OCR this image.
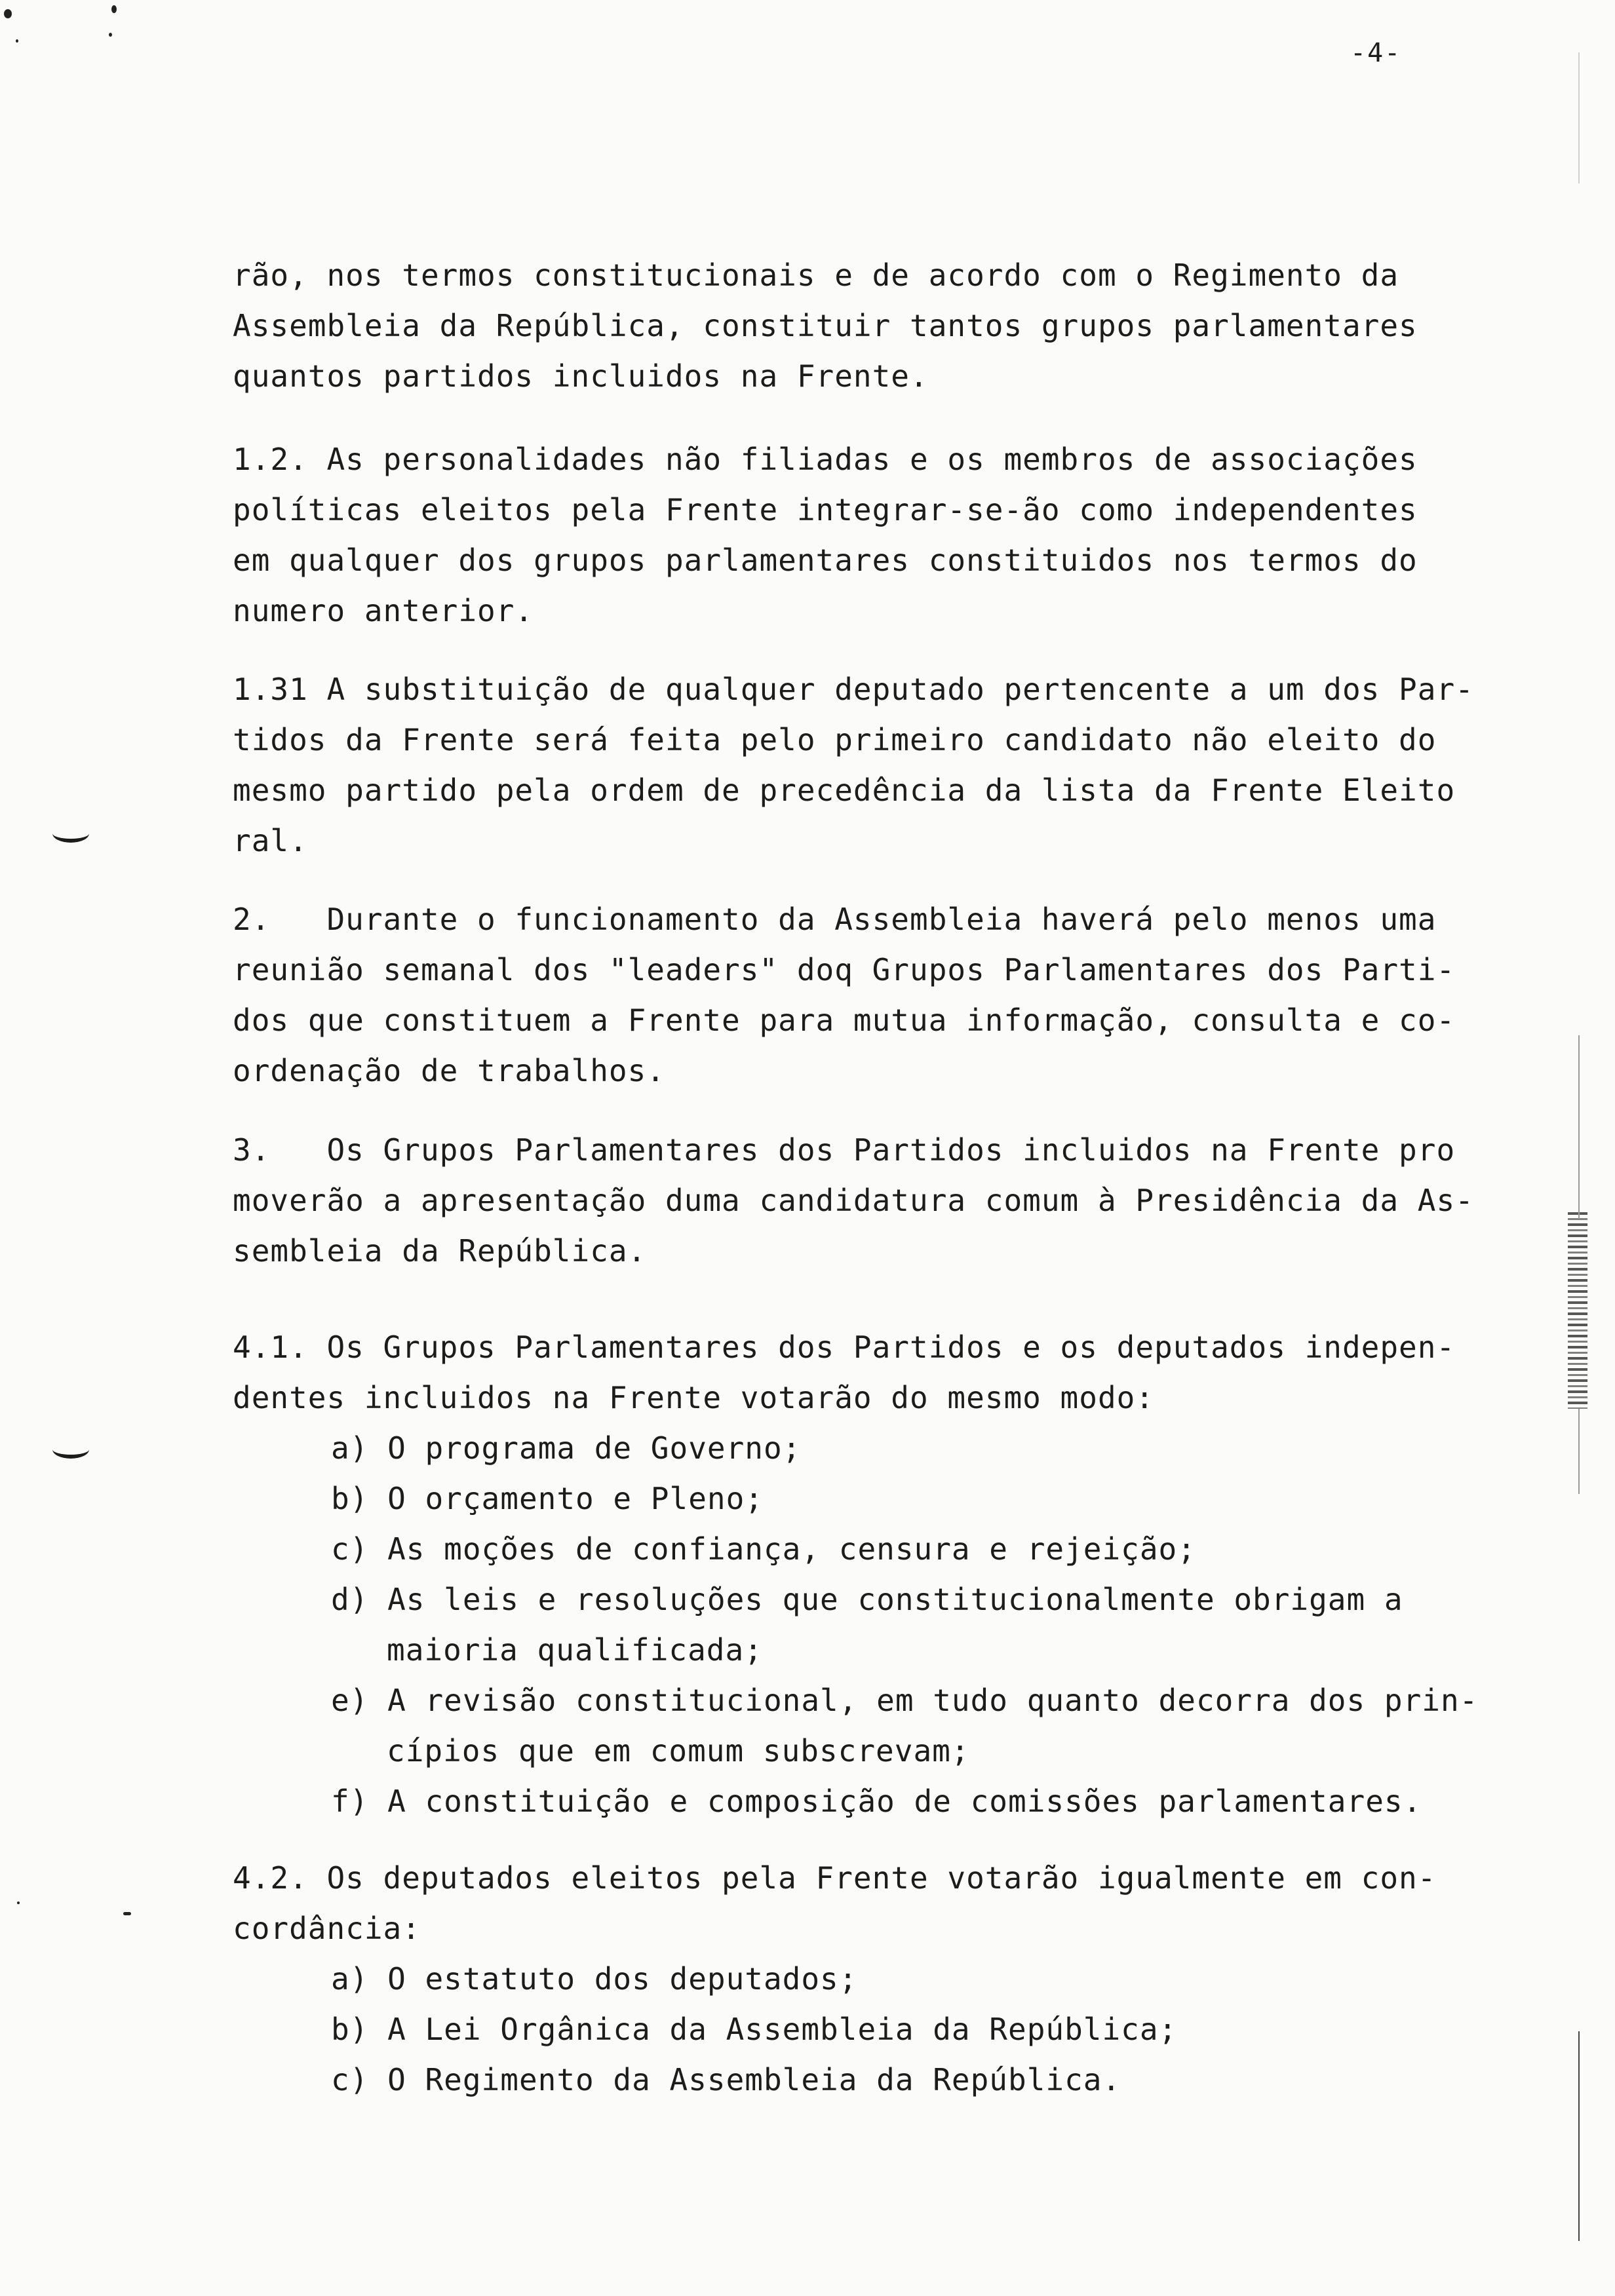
-4-
rão, nos termos constitucionais e de acordo com o Regimento da
Assembleia da República, constituir tantos grupos parlamentares
quantos partidos incluidos na Frente.
1.2. As personalidades não filiadas e os membros de associações
políticas eleitos pela Frente integrar-se-ão como independentes
em qualquer dos grupos parlamentares constituidos nos termos do
numero anterior.
1.31 A substituição de qualquer deputado pertencente a um dos Par-
tidos da Frente será feita pelo primeiro candidato não eleito do
mesmo partido pela ordem de precedência da lista da Frente Eleito
ral.
2.   Durante o funcionamento da Assembleia haverá pelo menos uma
reunião semanal dos "leaders" doq Grupos Parlamentares dos Parti-
dos que constituem a Frente para mutua informação, consulta e co-
ordenação de trabalhos.
3.   Os Grupos Parlamentares dos Partidos incluidos na Frente pro
moverão a apresentação duma candidatura comum à Presidência da As-
sembleia da República.
4.1. Os Grupos Parlamentares dos Partidos e os deputados indepen-
dentes incluidos na Frente votarão do mesmo modo:
a) O programa de Governo;
b) O orçamento e Pleno;
c) As moções de confiança, censura e rejeição;
d) As leis e resoluções que constitucionalmente obrigam a
maioria qualificada;
e) A revisão constitucional, em tudo quanto decorra dos prin-
cípios que em comum subscrevam;
f) A constituição e composição de comissões parlamentares.
4.2. Os deputados eleitos pela Frente votarão igualmente em con-
cordância:
a) O estatuto dos deputados;
b) A Lei Orgânica da Assembleia da República;
c) O Regimento da Assembleia da República.
